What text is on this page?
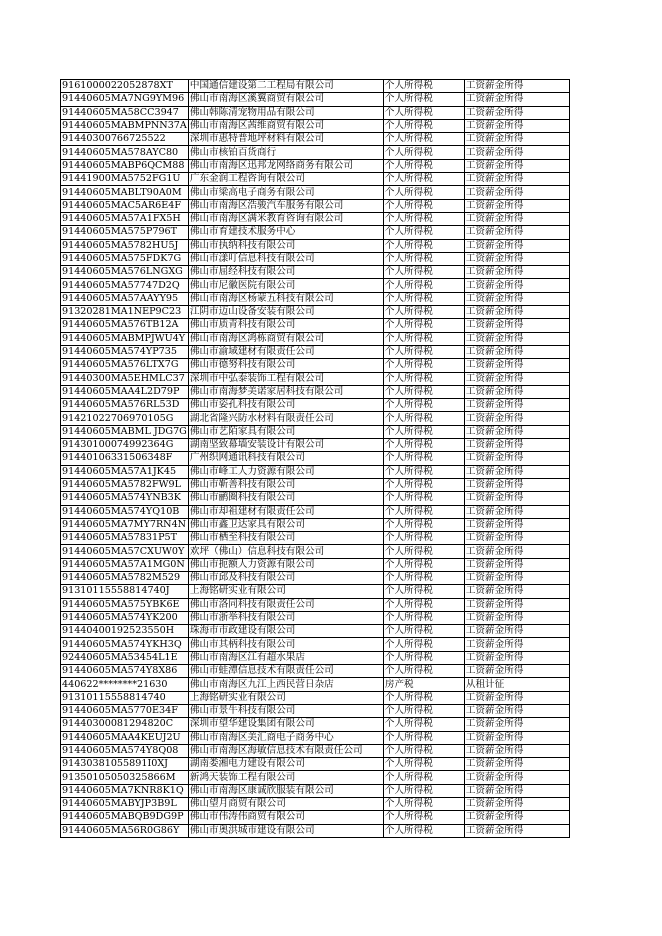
9161000022052878XT	中国通信建设第二工程局有限公司	个人所得税	工资薪金所得
91440605MA7NG9YM96	佛山市南海区溪翼商贸有限公司	个人所得税	工资薪金所得
91440605MA58CC3947	佛山韩陈清宠物用品有限公司	个人所得税	工资薪金所得
91440605MABMPNN37A	佛山市南海区茜维商贸有限公司	个人所得税	工资薪金所得
91440300766725522	深圳市惠特普地坪材料有限公司	个人所得税	工资薪金所得
91440605MA578AYC80	佛山市核铂百货商行	个人所得税	工资薪金所得
91440605MABP6QCM88	佛山市南海区迅邦龙网络商务有限公司	个人所得税	工资薪金所得
91441900MA5752FG1U	广东金润工程咨询有限公司	个人所得税	工资薪金所得
91440605MABLT90A0M	佛山市梁高电子商务有限公司	个人所得税	工资薪金所得
91440605MAC5AR6E4F	佛山市南海区浩骏汽车服务有限公司	个人所得税	工资薪金所得
91440605MA57A1FX5H	佛山市南海区满米教育咨询有限公司	个人所得税	工资薪金所得
91440605MA575P796T	佛山市育建技术服务中心	个人所得税	工资薪金所得
91440605MA5782HU5J	佛山市执纳科技有限公司	个人所得税	工资薪金所得
91440605MA575FDK7G	佛山市漾叮信息科技有限公司	个人所得税	工资薪金所得
91440605MA576LNGXG	佛山市屈经科技有限公司	个人所得税	工资薪金所得
91440605MA57747D2Q	佛山市尼徽医院有限公司	个人所得税	工资薪金所得
91440605MA57AAYY95	佛山市南海区杨蒙五科技有限公司	个人所得税	工资薪金所得
91320281MA1NEP9C23	江阴市迈山设备安装有限公司	个人所得税	工资薪金所得
91440605MA576TB12A	佛山市质青科技有限公司	个人所得税	工资薪金所得
91440605MABMPJWU4Y	佛山市南海区鸿栋商贸有限公司	个人所得税	工资薪金所得
91440605MA574YP735	佛山市渝域建材有限责任公司	个人所得税	工资薪金所得
91440605MA576LTX7G	佛山市德努科技有限公司	个人所得税	工资薪金所得
91440300MA5EHMLC37	深圳市中弘泰装饰工程有限公司	个人所得税	工资薪金所得
91440605MAA4L2D79P	佛山市南海梦美诺家居科技有限公司	个人所得税	工资薪金所得
91440605MA576RL53D	佛山市姿孔科技有限公司	个人所得税	工资薪金所得
91421022706970105G	湖北省隆兴防水材料有限责任公司	个人所得税	工资薪金所得
91440605MABML JDG7G	佛山市艺陌家具有限公司	个人所得税	工资薪金所得
91430100074992364G	湖南坚致幕墙安装设计有限公司	个人所得税	工资薪金所得
91440106331506348F	广州织网通讯科技有限公司	个人所得税	工资薪金所得
91440605MA57A1JK45	佛山市峰工人力资源有限公司	个人所得税	工资薪金所得
91440605MA5782FW9L	佛山市靳善科技有限公司	个人所得税	工资薪金所得
91440605MA574YNB3K	佛山市鹂圈科技有限公司	个人所得税	工资薪金所得
91440605MA574YQ10B	佛山市却祖建材有限责任公司	个人所得税	工资薪金所得
91440605MA7MY7RN4N	佛山市鑫卫达家具有限公司	个人所得税	工资薪金所得
91440605MA57831P5T	佛山市栖至科技有限公司	个人所得税	工资薪金所得
91440605MA57CXUW0Y	欢坪（佛山）信息科技有限公司	个人所得税	工资薪金所得
91440605MA57A1MG0N	佛山市扼额人力资源有限公司	个人所得税	工资薪金所得
91440605MA5782M529	佛山市邱及科技有限公司	个人所得税	工资薪金所得
91310115558814740J	上海铭研实业有限公司	个人所得税	工资薪金所得
91440605MA575YBK6E	佛山市洛同科技有限责任公司	个人所得税	工资薪金所得
91440605MA574YK200	佛山市浙举科技有限公司	个人所得税	工资薪金所得
91440400192523550H	珠海市市政建设有限公司	个人所得税	工资薪金所得
91440605MA574YKH3Q	佛山市其柄科技有限公司	个人所得税	工资薪金所得
92440605MA53454L1E	佛山市南海区江有超水果店	个人所得税	工资薪金所得
91440605MA574Y8X86	佛山市蛙潭信息技术有限责任公司	个人所得税	工资薪金所得
440622********21630	佛山市南海区九江上西民营日杂店	房产税	从租计征
91310115558814740	上海铭研实业有限公司	个人所得税	工资薪金所得
91440605MA5770E34F	佛山市景牛科技有限公司	个人所得税	工资薪金所得
91440300081294820C	深圳市望华建设集团有限公司	个人所得税	工资薪金所得
91440605MAA4KEUJ2U	佛山市南海区美汇商电子商务中心	个人所得税	工资薪金所得
91440605MA574Y8Q08	佛山市南海区海敏信息技术有限责任公司	个人所得税	工资薪金所得
91430381055891I0XJ	湖南娄湘电力建设有限公司	个人所得税	工资薪金所得
91350105050325866M	新鸿天装饰工程有限公司	个人所得税	工资薪金所得
91440605MA7KNR8K1Q	佛山市南海区康诚欣服装有限公司	个人所得税	工资薪金所得
91440605MABYJP3B9L	佛山望月商贸有限公司	个人所得税	工资薪金所得
91440605MABQB9DG9P	佛山市伟涛伟商贸有限公司	个人所得税	工资薪金所得
91440605MA56R0G86Y	佛山市奥洪城市建设有限公司	个人所得税	工资薪金所得
